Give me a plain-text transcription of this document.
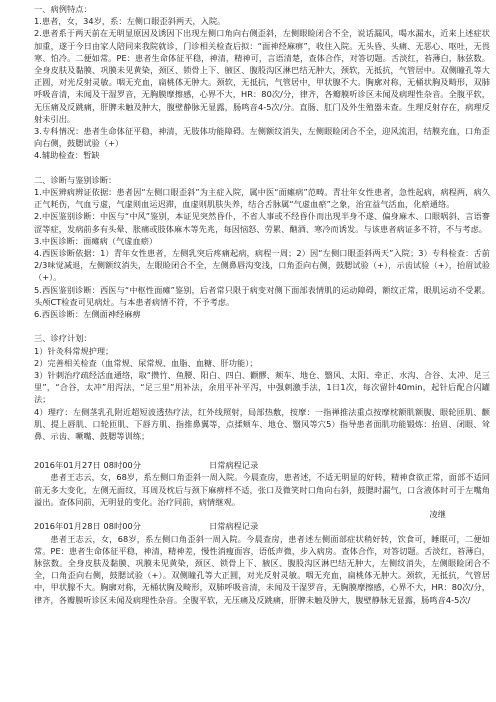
一、病例特点：

1.患者，女，34岁，系：左侧口眼歪斜两天，入院。

2.患者系于两天前在无明显原因及诱因下出现左侧口角向右侧歪斜，左侧眼睑闭合不全，说话漏风，喝水漏水，近来上述症状加重，遂于今日由家人陪同来我院就诊，门诊相关检查后拟：“面神经麻痹”，收住入院。无头昏、头痛、无恶心、呕吐，无畏寒、怕冷。二便如常。PE：患者生命体征平稳，神清，精神可，言语清楚，查体合作，对答切题。舌淡红，苔薄白，脉弦数。全身皮肤及黏膜、巩膜未见黄染，颈区、锁骨上下、腋区、腹股沟区淋巴结无肿大，颈软，无抵抗，气管居中。双侧瞳孔等大正圆，对光反射灵敏。咽无充血，扁桃体无肿大。颈软，无抵抗，气管居中，甲状腺不大。胸廓对称，无桶状胸及畸形，双肺呼吸音清，未闻及干湿罗音，无胸膜摩擦感，心界不大，HR：80次/分，律齐，各瓣膜听诊区未闻及病理性杂音。全腹平软，无压痛及反跳痛，肝脾未触及肿大，腹壁静脉无显露，肠鸣音4-5次/分。直肠、肛门及外生殖器未查。生理反射存在，病理反射未引出。

3.专科情况：患者生命体征平稳，神清，无肢体功能障碍。左侧额纹消失，左侧眼睑闭合不全，迎风流泪，结膜充血，口角歪向右侧，鼓腮试验（+）

4.辅助检查：暂缺

二、诊断与鉴别诊断：

1.中医辨病辨证依据：患者因“左侧口眼歪斜”为主症入院，属中医“面瘫病”范畴。青壮年女性患者，急性起病，病程两，病久正气耗伤，气血亏虚，气虚则血运迟滞，血虚则肌肤失养，结合舌脉属“气虚血瘀”之象，治宜益气活血，化瘀通络。

2.中医鉴别诊断：中医与“中风”鉴别，本证见突然昏仆，不省人事或不经昏仆而出现半身不遂、偏身麻木、口眼㖞斜、言语謇涩等症，发病前多有头晕、胀痛或肢体麻木等先兆，每因恼怒、劳累、酗酒、寒冷而诱发。与该患者病证多不符，不与考虑。

3.中医诊断：面瘫病（气虚血瘀）

4.西医诊断依据：1）青年女性患者，左侧乳突后疼痛起病，病程一周；2）因“左侧口眼歪斜两天”入院；3）专科检查：舌前2/3味觉减退，左侧额纹消失，左眼睑闭合不全，左侧鼻唇沟变浅，口角歪向右侧，鼓腮试验（+），示齿试验（+），抬眉试验（+）。

5.西医鉴别诊断：西医与“中枢性面瘫”鉴别，后者常只限于病变对侧下面部表情肌的运动障碍，额纹正常，眼肌运动不受累。头颅CT检查可见病灶。与本患者病情不符，不予考虑。

6.西医诊断：左侧面神经麻痹

三、诊疗计划：

1）针灸科常规护理；

2）完善相关检查（血常规、尿常规、血脂、血糖、肝功能）；

3）针刺治疗疏经活血通络，取“攒竹、鱼腰、阳白、四白、颧髎、颊车、地仓、翳风、太阳、牵正、水沟、合谷、太冲、足三里”，“合谷，太冲”用泻法，“足三里”用补法，余用平补平泻，中强刺激手法，1日1次，每次留针40min，起针后配合闪罐法；

4）理疗：左侧茎乳孔附近超短波透热疗法，红外线照射，局部热敷，按摩：一指禅推法重点按摩枕额肌额腹、眼轮匝肌、颧肌、提上唇肌、口轮匝肌、下唇方肌、指推鼻翼等，点揉颊车、地仓、翳风等穴5）指导患者面肌功能锻炼：抬眉、闭眼、耸鼻、示齿、噘嘴、鼓腮等训练；

2016年01月27日 08时00分	日常病程记录

患者王志云，女，68岁，系左侧口角歪斜一周入院。今晨查房，患者述，不适无明显的好转，精神食欲正常，面部不适同前无多大变化，左侧无面纹，耳周及枕后与颈下麻痹样不适，张口及微笑时口角向右斜，鼓腮时漏气，口含液体时可于左嘴角溢出。查体同前，无明显的变化。治疗同前，病情继观。

凌继

2016年01月28日 08时00分	日常病程记录

患者王志云，女，68岁，系左侧口角歪斜一周入院。今晨查房，患者述左侧面部症状稍好转，饮食可，睡眠可，二便如常。PE：患者生命体征平稳，神清，精神差，慢性消瘦面容，语低声微，步入病房。查体合作，对答切题。舌淡红，苔薄白，脉弦数。全身皮肤及黏膜、巩膜未见黄染，颈区、锁骨上下、腋区、腹股沟区淋巴结无肿大，左侧纹消失，左侧眼睑闭合不全，口角歪向右侧，鼓腮试验（+）。双侧瞳孔等大正圆，对光反射灵敏。咽无充血，扁桃体无肿大。颈软，无抵抗，气管居中，甲状腺不大。胸廓对称，无桶状胸及畸形，双肺呼吸音清，未闻及干湿罗音，无胸膜摩擦感，心界不大，HR：80次/分，律齐，各瓣膜听诊区未闻及病理性杂音。全腹平软，无压痛及反跳痛，肝脾未触及肿大，腹壁静脉无显露，肠鸣音4-5次/
